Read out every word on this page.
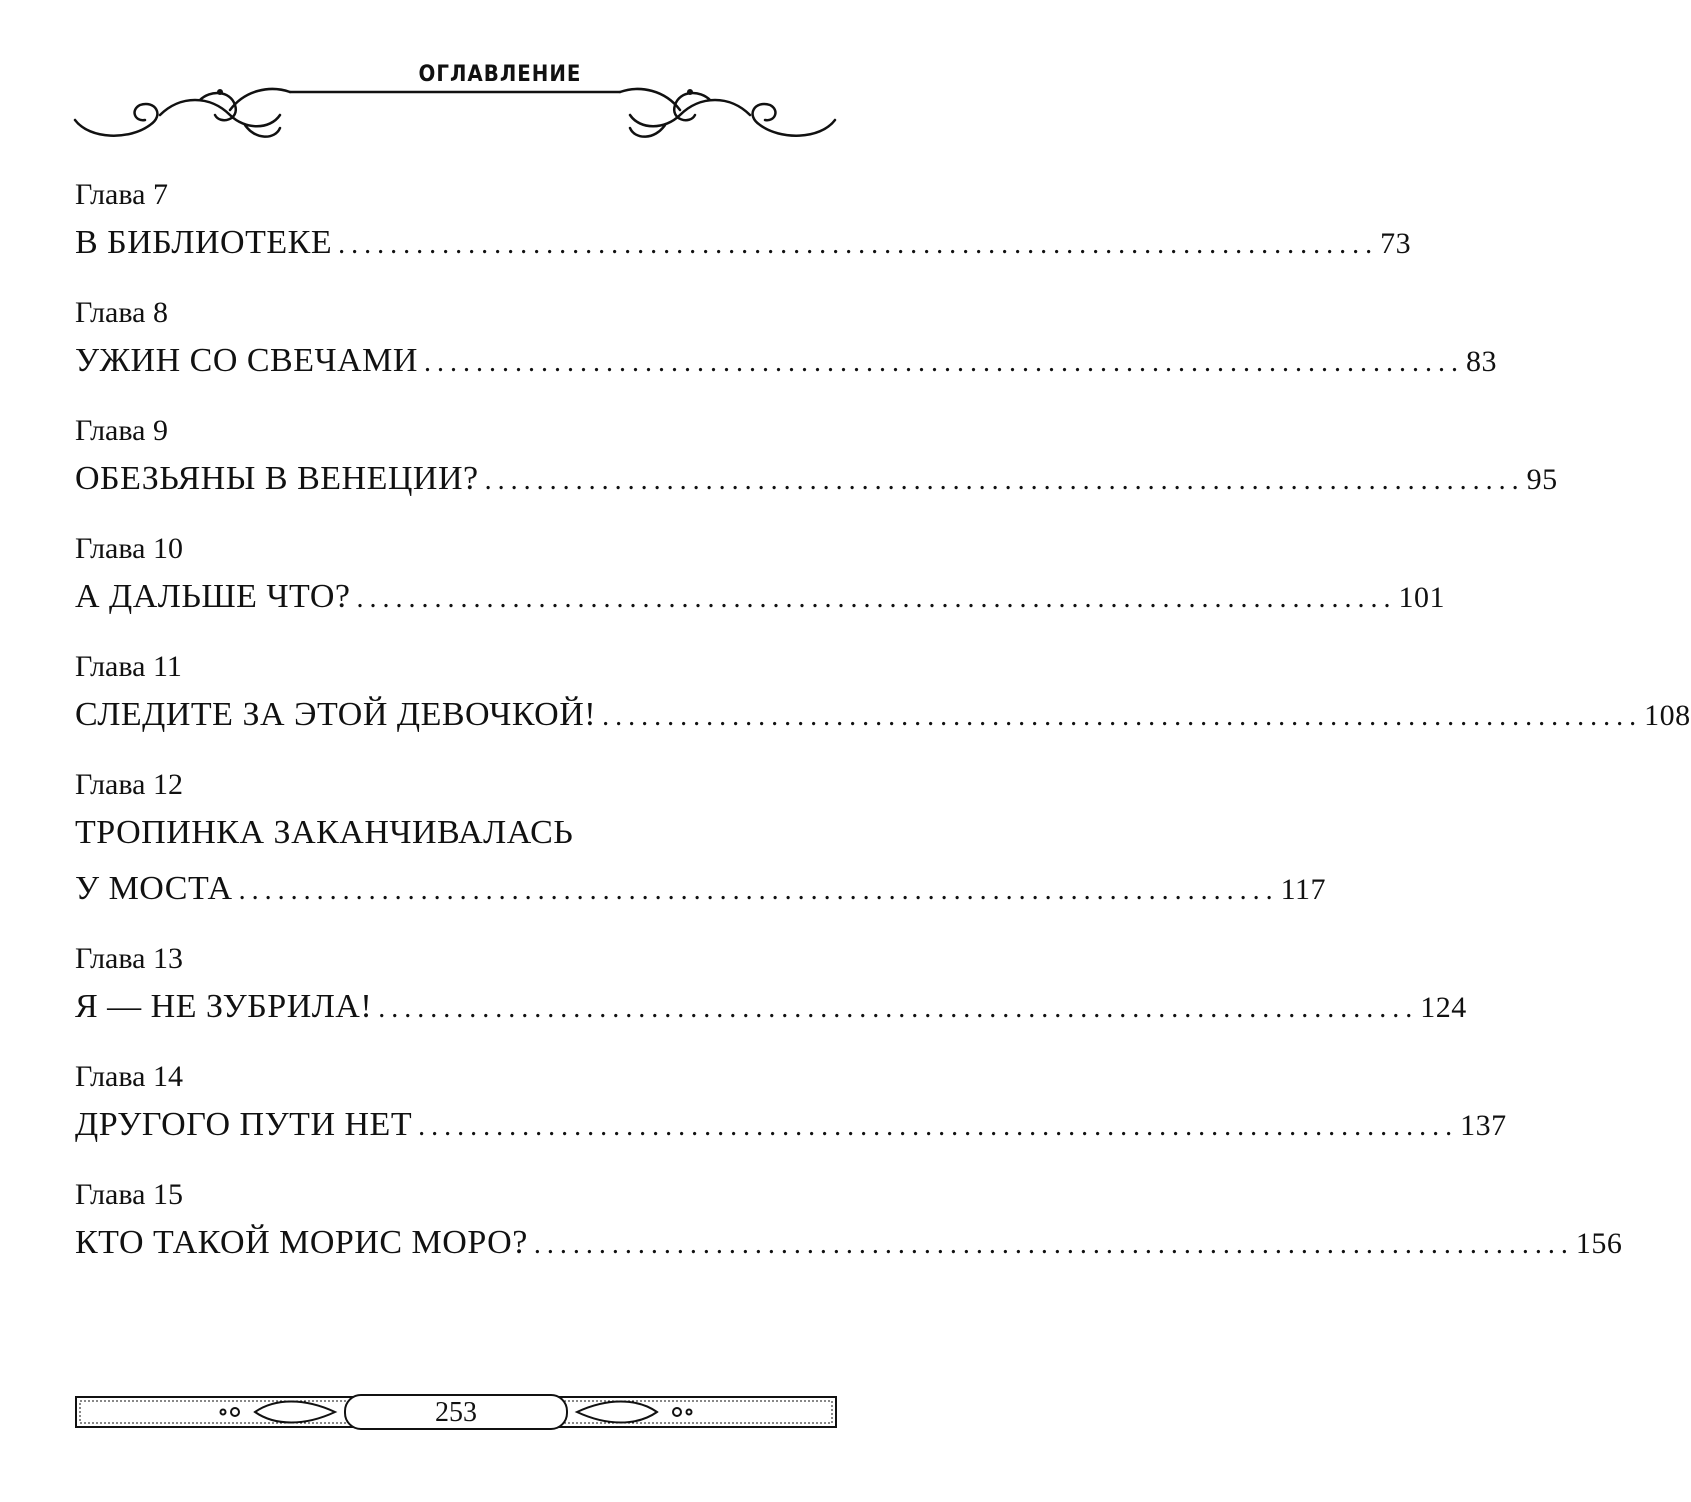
ОГЛАВЛЕНИЕ
Глава 7
В БИБЛИОТЕКЕ ................................................................................ 73
Глава 8
УЖИН СО СВЕЧАМИ ................................................................................ 83
Глава 9
ОБЕЗЬЯНЫ В ВЕНЕЦИИ? ................................................................................ 95
Глава 10
А ДАЛЬШЕ ЧТО? ................................................................................ 101
Глава 11
СЛЕДИТЕ ЗА ЭТОЙ ДЕВОЧКОЙ! ................................................................................ 108
Глава 12
ТРОПИНКА ЗАКАНЧИВАЛАСЬ
У МОСТА ................................................................................ 117
Глава 13
Я — НЕ ЗУБРИЛА! ................................................................................ 124
Глава 14
ДРУГОГО ПУТИ НЕТ ................................................................................ 137
Глава 15
КТО ТАКОЙ МОРИС МОРО? ................................................................................ 156
253
